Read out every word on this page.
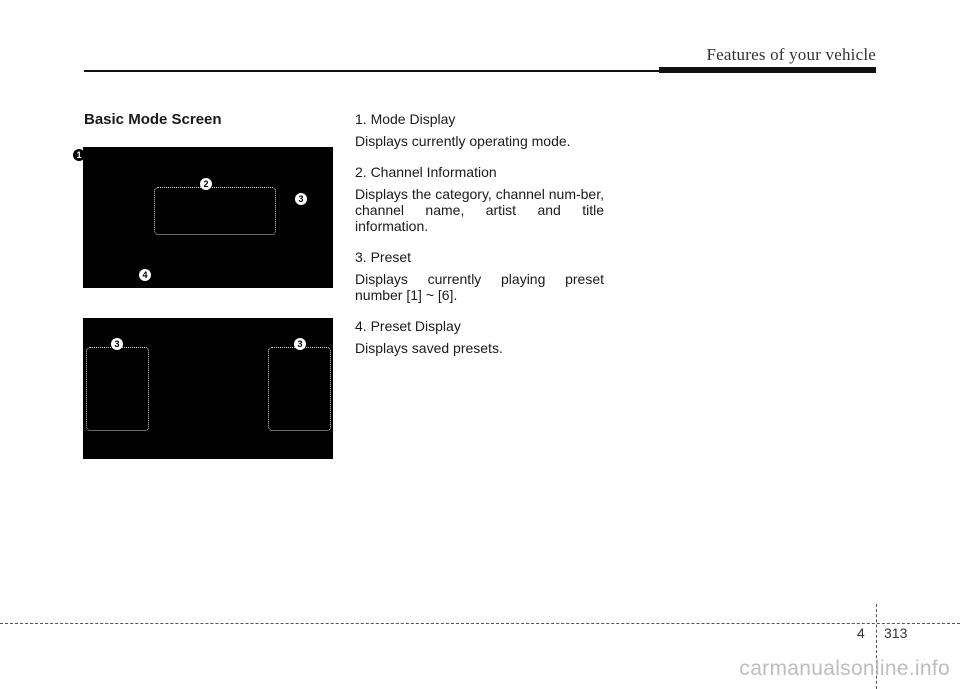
Features of your vehicle
Basic Mode Screen
1
2
3
4
3	3
1. Mode Display
Displays currently operating mode.
2. Channel Information
Displays the category, channel num-ber, channel name, artist and title information.
3. Preset
Displays currently playing preset number [1] ~ [6].
4. Preset Display
Displays saved presets.
4 313
carmanualsonline.info
